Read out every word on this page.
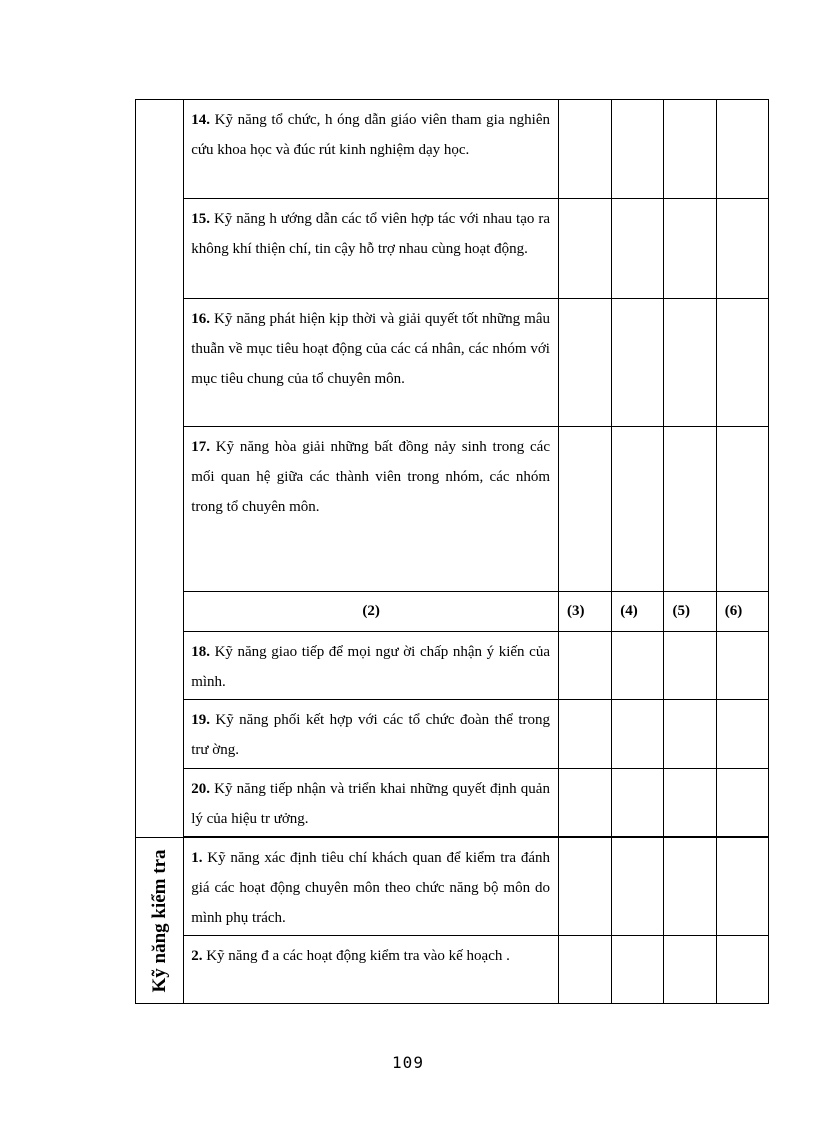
	14. Kỹ năng tổ chức, h óng dẫn giáo viên tham gia nghiên cứu khoa học và đúc rút kinh nghiệm dạy học.				

	15. Kỹ năng h ướng dẫn các tổ viên hợp tác với nhau tạo ra không khí thiện chí, tin cậy hỗ trợ nhau cùng hoạt động.				

	16. Kỹ năng phát hiện kịp thời và giải quyết tốt những mâu thuẫn về mục tiêu hoạt động của các cá nhân, các nhóm với mục tiêu chung của tổ chuyên môn.				

	17. Kỹ năng hòa giải những bất đồng nảy sinh trong các mối quan hệ giữa các thành viên trong nhóm, các nhóm trong tổ chuyên môn.				

	(2)	(3)	(4)	(5)	(6)

	18. Kỹ năng giao tiếp để mọi ngư ời chấp nhận ý kiến của mình.				

	19. Kỹ năng phối kết hợp với các tổ chức đoàn thể trong trư ờng.				

	20. Kỹ năng tiếp nhận và triển khai những quyết định quản lý của hiệu tr ưởng.				

Kỹ năng kiểm tra	1. Kỹ năng xác định tiêu chí khách quan để kiểm tra đánh giá các hoạt động chuyên môn theo chức năng bộ môn do mình phụ trách.				

	2. Kỹ năng đ a các hoạt động kiểm tra vào kế hoạch .				

109
